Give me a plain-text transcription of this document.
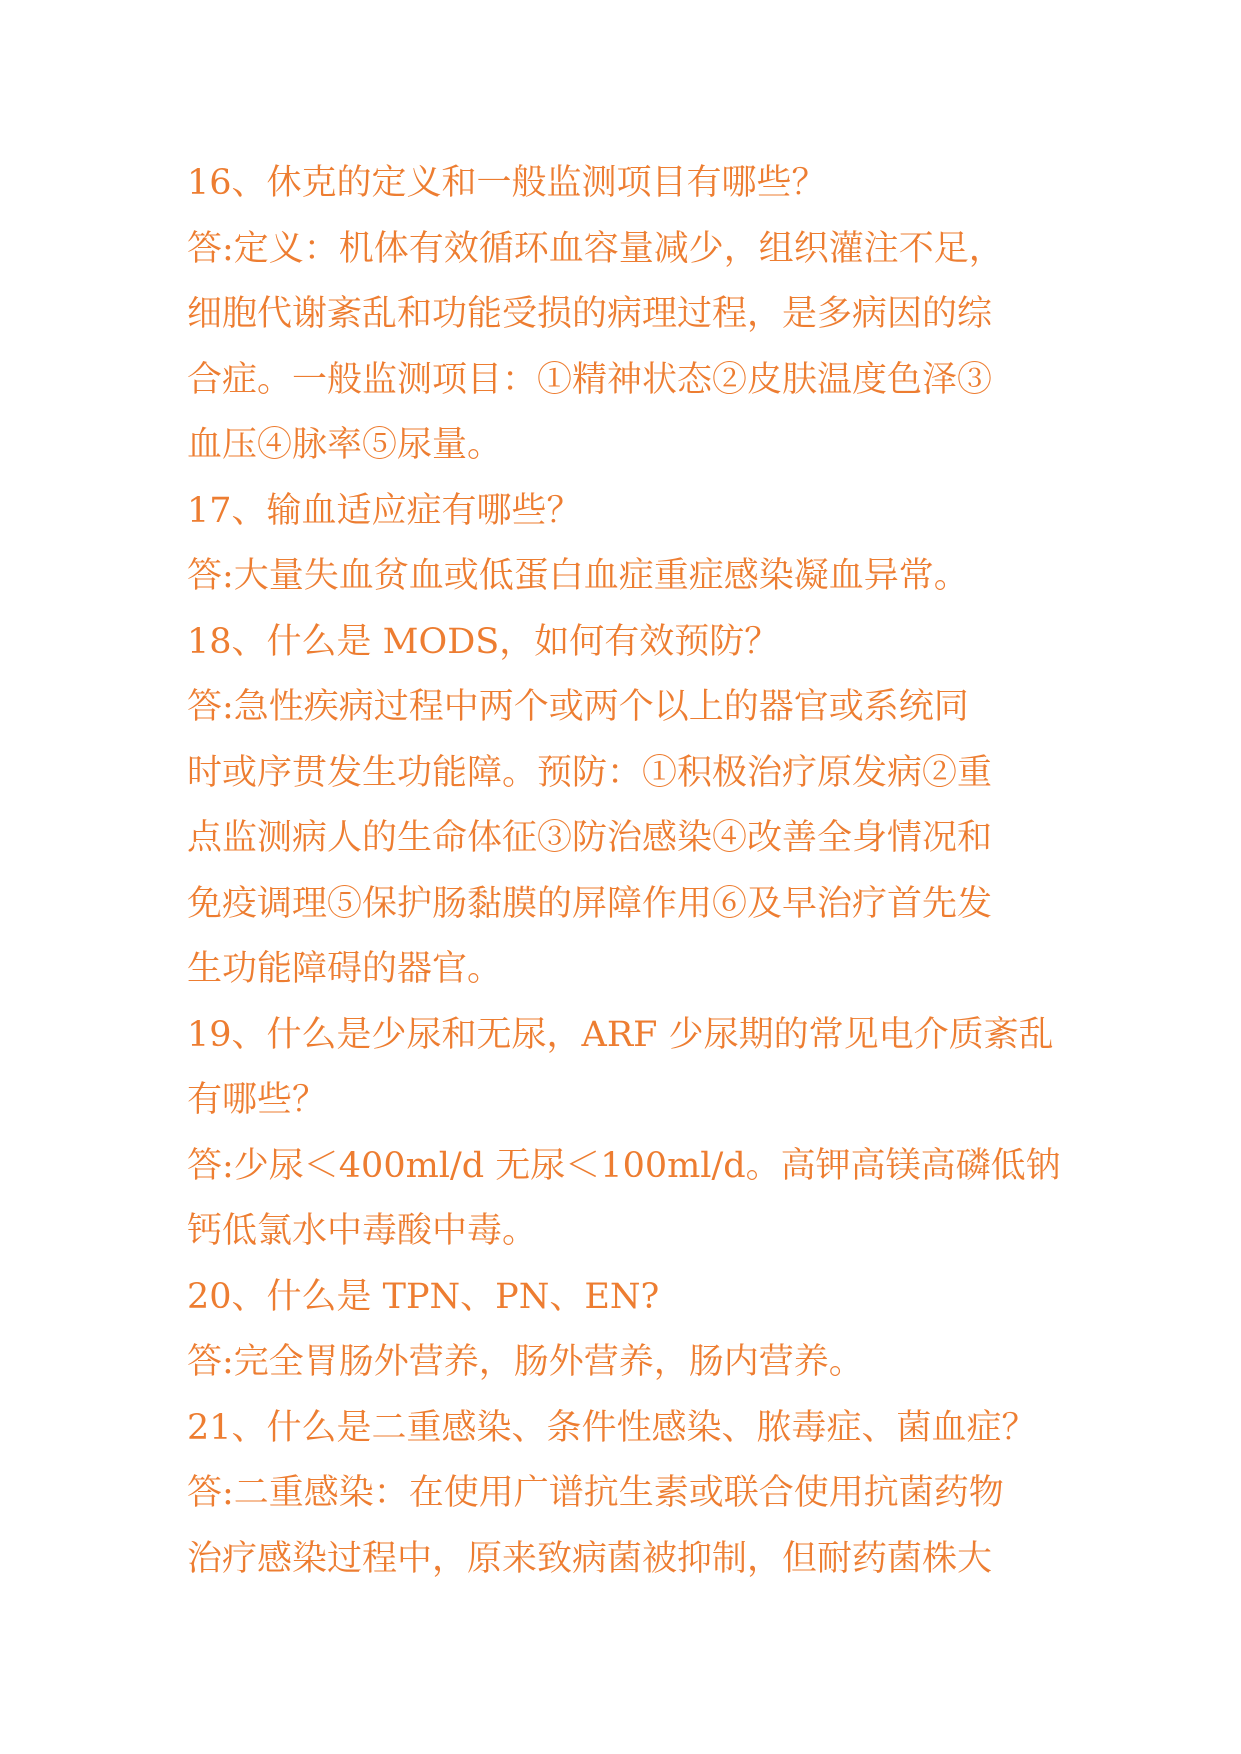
16、休克的定义和一般监测项目有哪些？
答:定义：机体有效循环血容量减少，组织灌注不足，
细胞代谢紊乱和功能受损的病理过程，是多病因的综
合症。一般监测项目：①精神状态②皮肤温度色泽③
血压④脉率⑤尿量。
17、输血适应症有哪些？
答:大量失血贫血或低蛋白血症重症感染凝血异常。
18、什么是 MODS，如何有效预防？
答:急性疾病过程中两个或两个以上的器官或系统同
时或序贯发生功能障。预防：①积极治疗原发病②重
点监测病人的生命体征③防治感染④改善全身情况和
免疫调理⑤保护肠黏膜的屏障作用⑥及早治疗首先发
生功能障碍的器官。
19、什么是少尿和无尿，ARF 少尿期的常见电介质紊乱
有哪些？
答:少尿＜400ml/d 无尿＜100ml/d。高钾高镁高磷低钠
钙低氯水中毒酸中毒。
20、什么是 TPN、PN、EN?
答:完全胃肠外营养，肠外营养，肠内营养。
21、什么是二重感染、条件性感染、脓毒症、菌血症？
答:二重感染：在使用广谱抗生素或联合使用抗菌药物
治疗感染过程中，原来致病菌被抑制，但耐药菌株大
